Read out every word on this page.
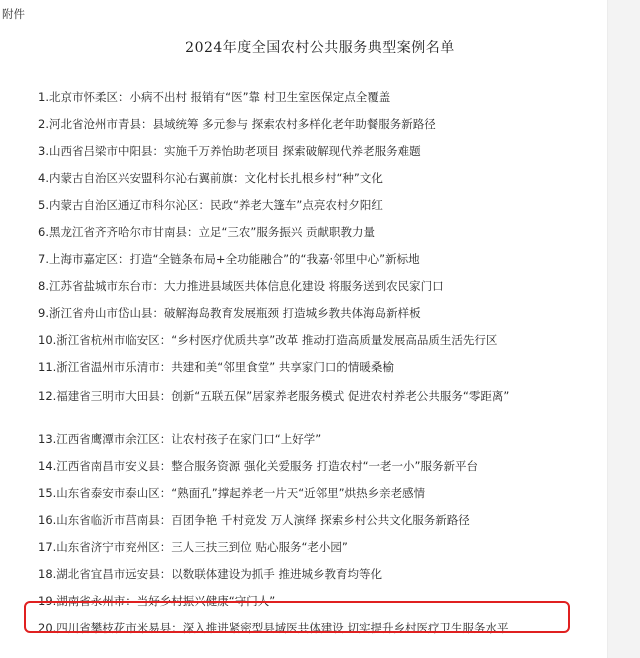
附件
2024年度全国农村公共服务典型案例名单
1.北京市怀柔区：小病不出村 报销有“医”靠 村卫生室医保定点全覆盖
2.河北省沧州市青县：县域统筹 多元参与 探索农村多样化老年助餐服务新路径
3.山西省吕梁市中阳县：实施千万养怡助老项目 探索破解现代养老服务难题
4.内蒙古自治区兴安盟科尔沁右翼前旗：文化村长扎根乡村“种”文化
5.内蒙古自治区通辽市科尔沁区：民政“养老大篷车”点亮农村夕阳红
6.黑龙江省齐齐哈尔市甘南县：立足“三农”服务振兴 贡献职教力量
7.上海市嘉定区：打造“全链条布局+全功能融合”的“我嘉·邻里中心”新标地
8.江苏省盐城市东台市：大力推进县域医共体信息化建设 将服务送到农民家门口
9.浙江省舟山市岱山县：破解海岛教育发展瓶颈 打造城乡教共体海岛新样板
10.浙江省杭州市临安区：“乡村医疗优质共享”改革 推动打造高质量发展高品质生活先行区
11.浙江省温州市乐清市：共建和美“邻里食堂” 共享家门口的情暖桑榆
12.福建省三明市大田县：创新“五联五保”居家养老服务模式 促进农村养老公共服务“零距离”
13.江西省鹰潭市余江区：让农村孩子在家门口“上好学”
14.江西省南昌市安义县：整合服务资源 强化关爱服务 打造农村“一老一小”服务新平台
15.山东省泰安市泰山区：“熟面孔”撑起养老一片天“近邻里”烘热乡亲老感情
16.山东省临沂市莒南县：百团争艳 千村竞发 万人演绎 探索乡村公共文化服务新路径
17.山东省济宁市兖州区：三人三扶三到位 贴心服务“老小园”
18.湖北省宜昌市远安县：以数联体建设为抓手 推进城乡教育均等化
19.湖南省永州市：当好乡村振兴健康“守门人”
20.四川省攀枝花市米易县：深入推进紧密型县域医共体建设 切实提升乡村医疗卫生服务水平
